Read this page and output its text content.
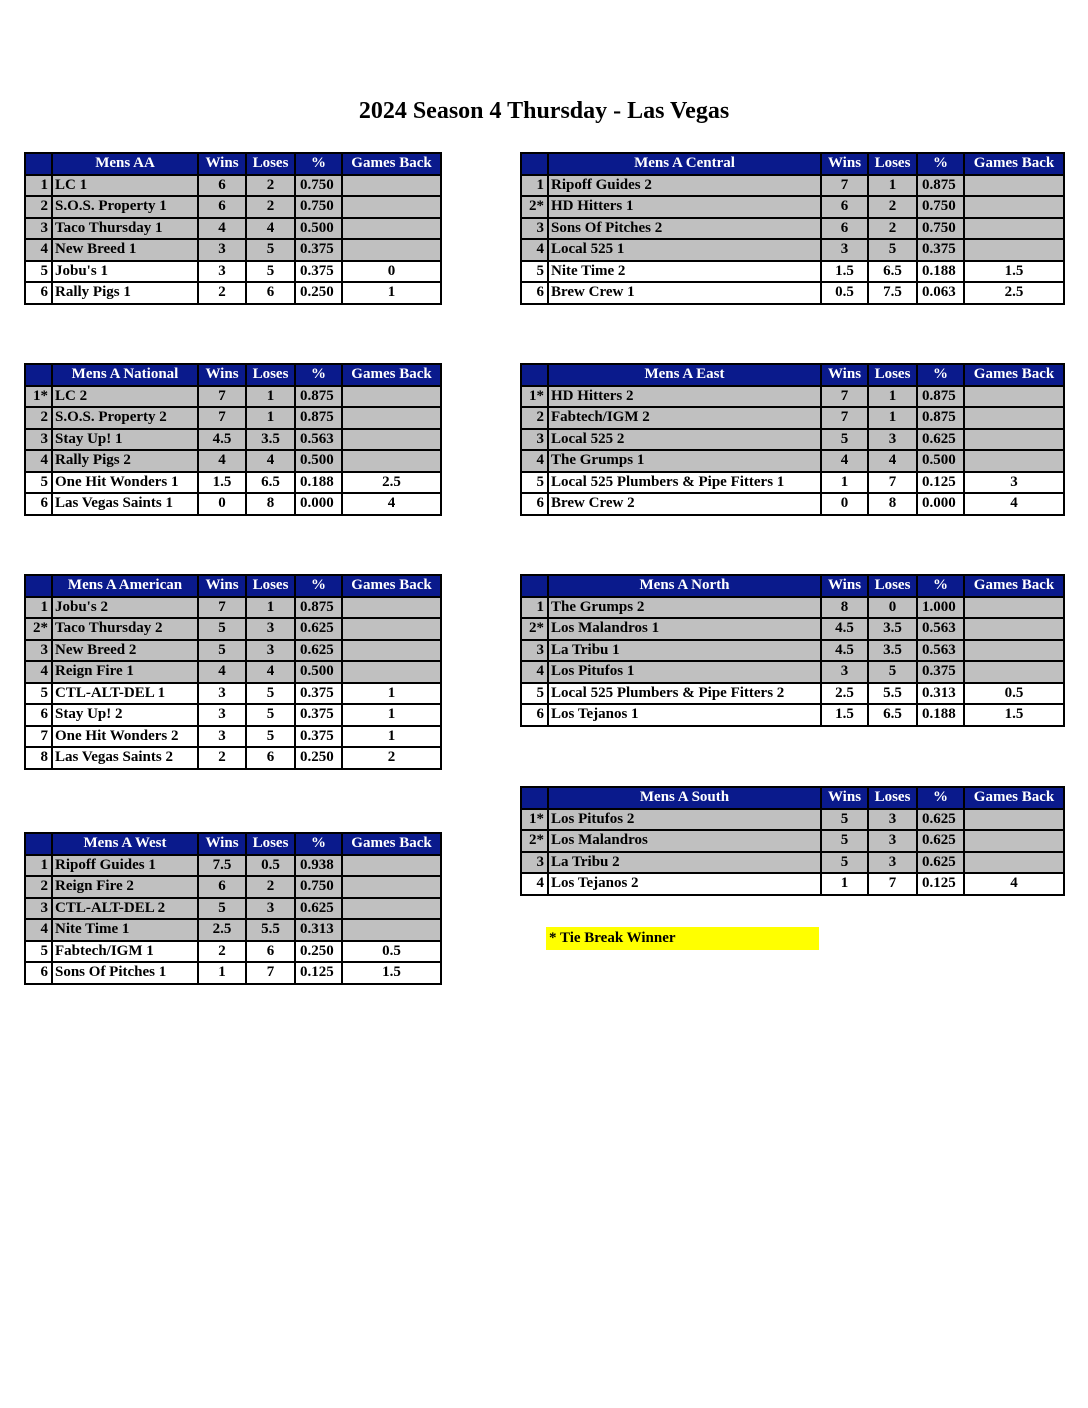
2024 Season 4 Thursday - Las Vegas
	Mens AA	Wins	Loses	%	Games Back
1	LC 1	6	2	0.750	
2	S.O.S. Property 1	6	2	0.750	
3	Taco Thursday 1	4	4	0.500	
4	New Breed 1	3	5	0.375	
5	Jobu's 1	3	5	0.375	0
6	Rally Pigs 1	2	6	0.250	1
	Mens A National	Wins	Loses	%	Games Back
1*	LC 2	7	1	0.875	
2	S.O.S. Property 2	7	1	0.875	
3	Stay Up! 1	4.5	3.5	0.563	
4	Rally Pigs 2	4	4	0.500	
5	One Hit Wonders 1	1.5	6.5	0.188	2.5
6	Las Vegas Saints 1	0	8	0.000	4
	Mens A American	Wins	Loses	%	Games Back
1	Jobu's 2	7	1	0.875	
2*	Taco Thursday 2	5	3	0.625	
3	New Breed 2	5	3	0.625	
4	Reign Fire 1	4	4	0.500	
5	CTL-ALT-DEL 1	3	5	0.375	1
6	Stay Up! 2	3	5	0.375	1
7	One Hit Wonders 2	3	5	0.375	1
8	Las Vegas Saints 2	2	6	0.250	2
	Mens A West	Wins	Loses	%	Games Back
1	Ripoff Guides 1	7.5	0.5	0.938	
2	Reign Fire 2	6	2	0.750	
3	CTL-ALT-DEL 2	5	3	0.625	
4	Nite Time 1	2.5	5.5	0.313	
5	Fabtech/IGM 1	2	6	0.250	0.5
6	Sons Of Pitches 1	1	7	0.125	1.5
	Mens A Central	Wins	Loses	%	Games Back
1	Ripoff Guides 2	7	1	0.875	
2*	HD Hitters 1	6	2	0.750	
3	Sons Of Pitches 2	6	2	0.750	
4	Local 525 1	3	5	0.375	
5	Nite Time 2	1.5	6.5	0.188	1.5
6	Brew Crew 1	0.5	7.5	0.063	2.5
	Mens A East	Wins	Loses	%	Games Back
1*	HD Hitters 2	7	1	0.875	
2	Fabtech/IGM 2	7	1	0.875	
3	Local 525 2	5	3	0.625	
4	The Grumps 1	4	4	0.500	
5	Local 525 Plumbers & Pipe Fitters 1	1	7	0.125	3
6	Brew Crew 2	0	8	0.000	4
	Mens A North	Wins	Loses	%	Games Back
1	The Grumps 2	8	0	1.000	
2*	Los Malandros 1	4.5	3.5	0.563	
3	La Tribu 1	4.5	3.5	0.563	
4	Los Pitufos 1	3	5	0.375	
5	Local 525 Plumbers & Pipe Fitters 2	2.5	5.5	0.313	0.5
6	Los Tejanos 1	1.5	6.5	0.188	1.5
	Mens A South	Wins	Loses	%	Games Back
1*	Los Pitufos 2	5	3	0.625	
2*	Los Malandros	5	3	0.625	
3	La Tribu 2	5	3	0.625	
4	Los Tejanos 2	1	7	0.125	4
* Tie Break Winner
